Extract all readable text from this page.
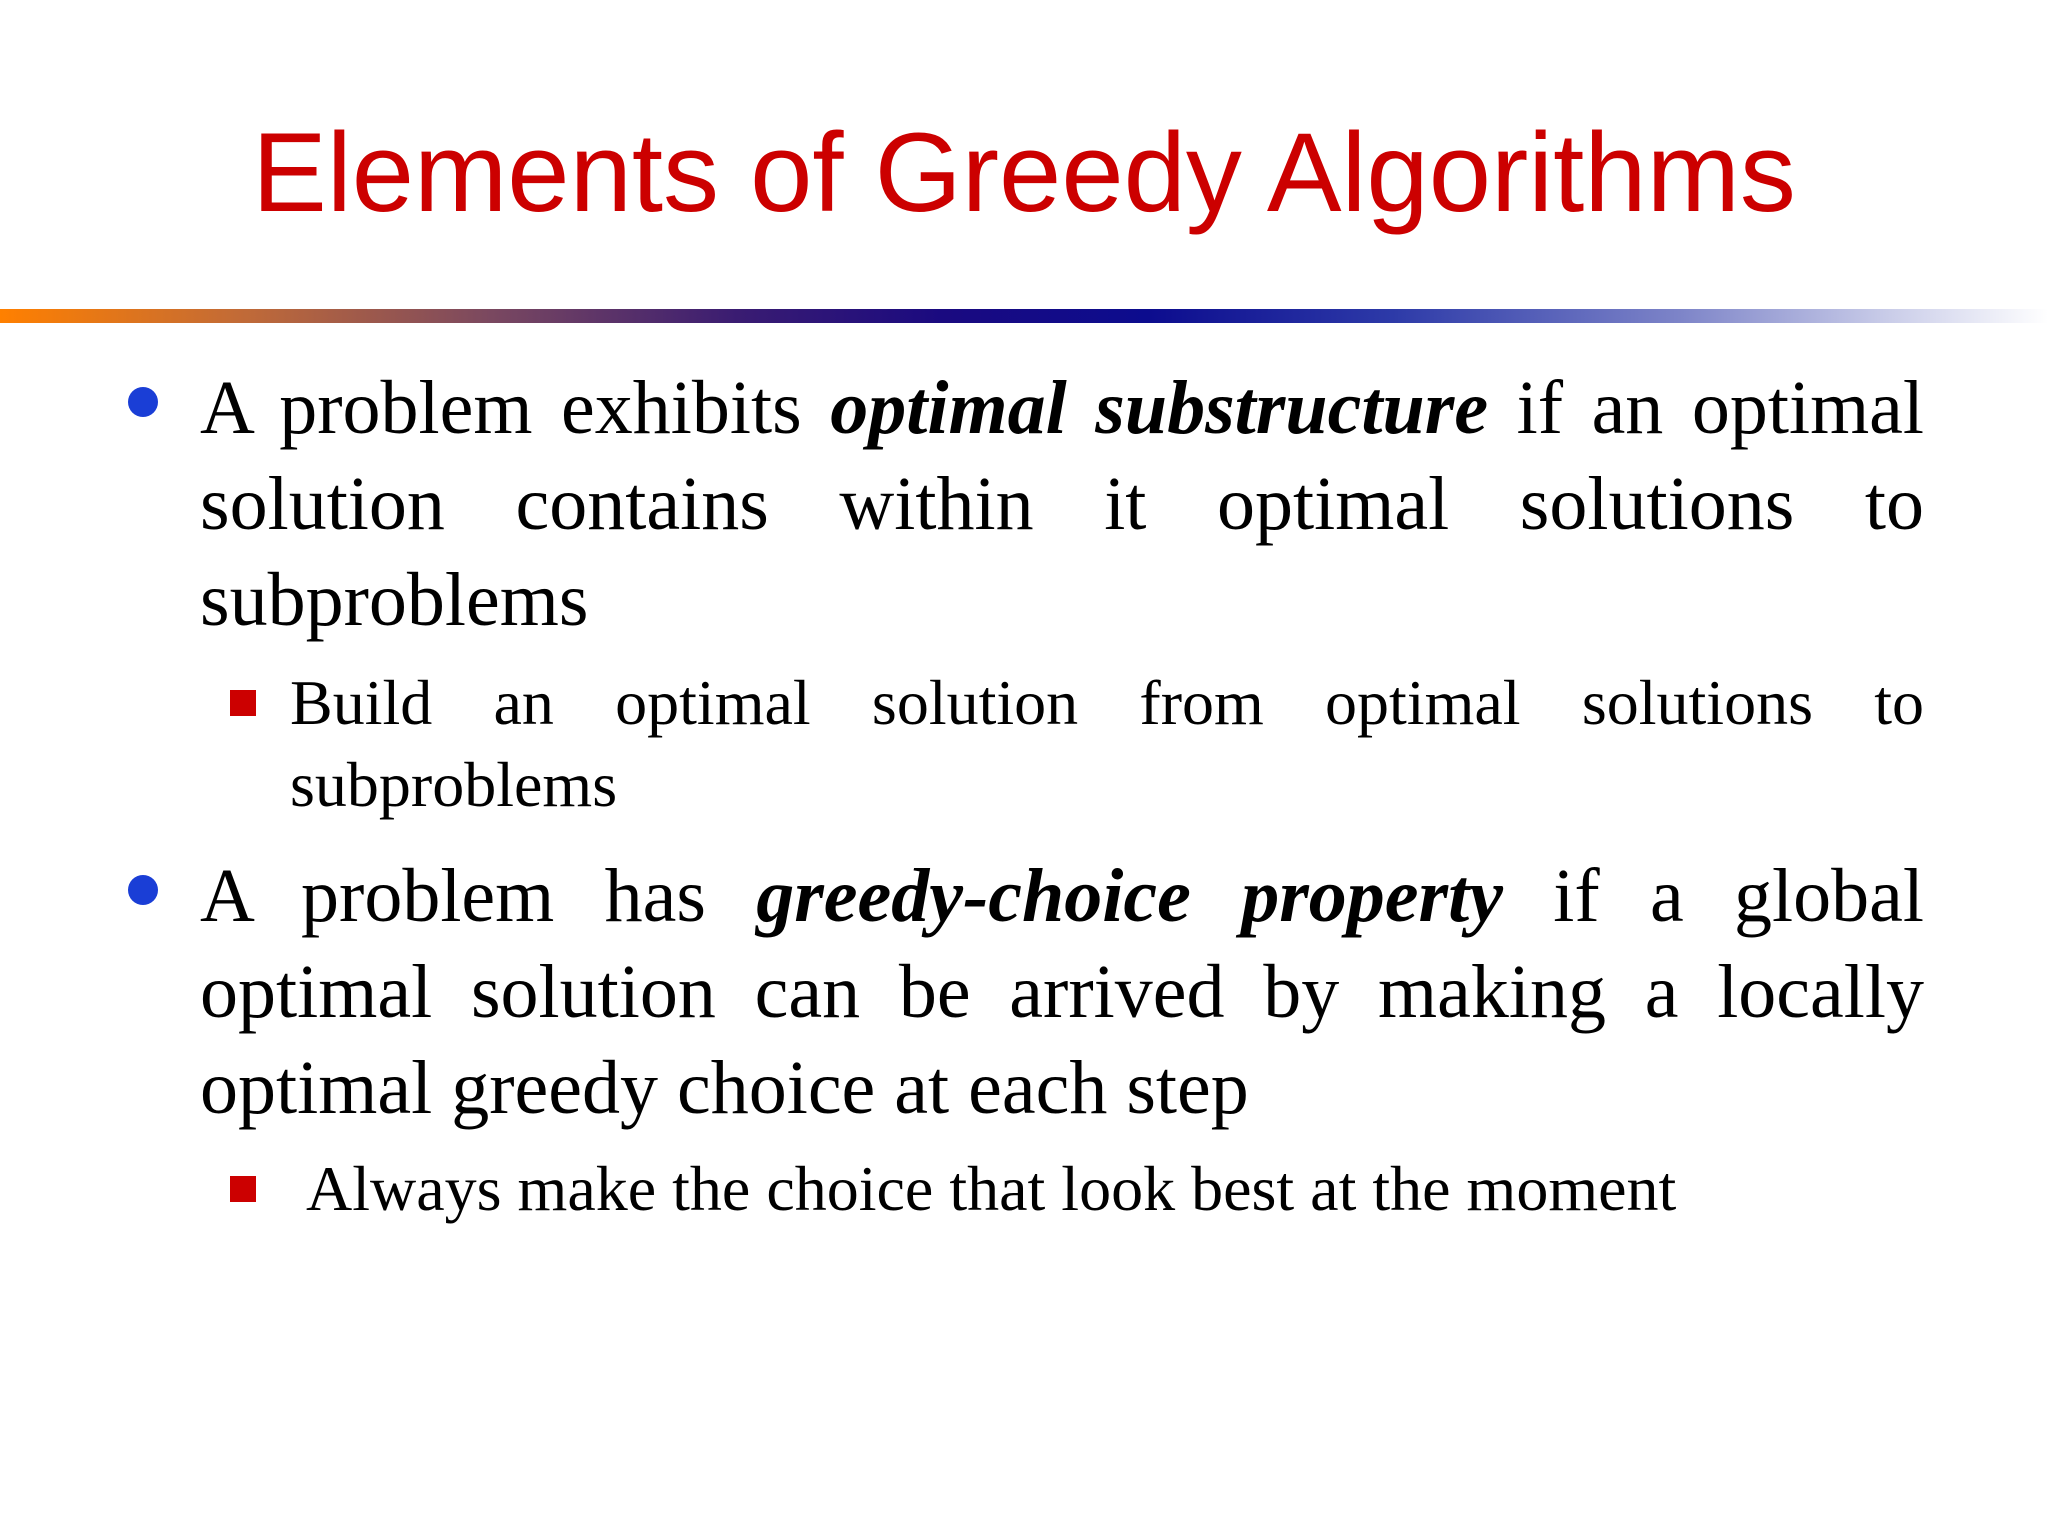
Elements of Greedy Algorithms
A problem exhibits optimal substructure if an optimal solution contains within it optimal solutions to subproblems
Build an optimal solution from optimal solutions to subproblems
A problem has greedy-choice property if a global optimal solution can be arrived by making a locally optimal greedy choice at each step
Always make the choice that look best at the moment
